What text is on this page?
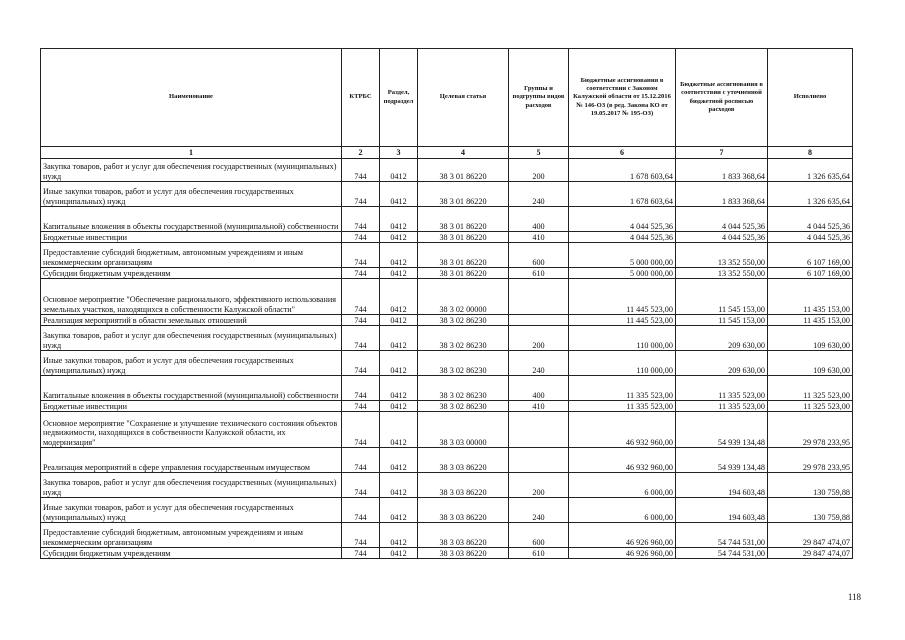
Наименование	КТРБС	Раздел, подраздел	Целевая статья	Группы и подгруппы видов расходов	Бюджетные ассигнования в соответствии с Законом Калужской области от 15.12.2016 № 146-ОЗ (в ред. Закона КО от 19.05.2017 № 195-ОЗ)	Бюджетные ассигнования в соответствии с уточненной бюджетной росписью расходов	Исполнено
1	2	3	4	5	6	7	8
Закупка товаров, работ и услуг для обеспечения государственных (муниципальных) нужд	744	0412	38 3 01 86220	200	1 678 603,64	1 833 368,64	1 326 635,64
Иные закупки товаров, работ и услуг для обеспечения государственных (муниципальных) нужд	744	0412	38 3 01 86220	240	1 678 603,64	1 833 368,64	1 326 635,64
Капитальные вложения в объекты государственной (муниципальной) собственности	744	0412	38 3 01 86220	400	4 044 525,36	4 044 525,36	4 044 525,36
Бюджетные инвестиции	744	0412	38 3 01 86220	410	4 044 525,36	4 044 525,36	4 044 525,36
Предоставление субсидий бюджетным, автономным учреждениям и иным некоммерческим организациям	744	0412	38 3 01 86220	600	5 000 000,00	13 352 550,00	6 107 169,00
Субсидии бюджетным учреждениям	744	0412	38 3 01 86220	610	5 000 000,00	13 352 550,00	6 107 169,00
Основное мероприятие "Обеспечение рационального, эффективного использования земельных участков, находящихся в собственности Калужской области"	744	0412	38 3 02 00000		11 445 523,00	11 545 153,00	11 435 153,00
Реализация мероприятий в области земельных отношений	744	0412	38 3 02 86230		11 445 523,00	11 545 153,00	11 435 153,00
Закупка товаров, работ и услуг для обеспечения государственных (муниципальных) нужд	744	0412	38 3 02 86230	200	110 000,00	209 630,00	109 630,00
Иные закупки товаров, работ и услуг для обеспечения государственных (муниципальных) нужд	744	0412	38 3 02 86230	240	110 000,00	209 630,00	109 630,00
Капитальные вложения в объекты государственной (муниципальной) собственности	744	0412	38 3 02 86230	400	11 335 523,00	11 335 523,00	11 325 523,00
Бюджетные инвестиции	744	0412	38 3 02 86230	410	11 335 523,00	11 335 523,00	11 325 523,00
Основное мероприятие "Сохранение и улучшение технического состояния объектов недвижимости, находящихся в собственности Калужской области, их модернизация"	744	0412	38 3 03 00000		46 932 960,00	54 939 134,48	29 978 233,95
Реализация мероприятий в сфере управления государственным имуществом	744	0412	38 3 03 86220		46 932 960,00	54 939 134,48	29 978 233,95
Закупка товаров, работ и услуг для обеспечения государственных (муниципальных) нужд	744	0412	38 3 03 86220	200	6 000,00	194 603,48	130 759,88
Иные закупки товаров, работ и услуг для обеспечения государственных (муниципальных) нужд	744	0412	38 3 03 86220	240	6 000,00	194 603,48	130 759,88
Предоставление субсидий бюджетным, автономным учреждениям и иным некоммерческим организациям	744	0412	38 3 03 86220	600	46 926 960,00	54 744 531,00	29 847 474,07
Субсидии бюджетным учреждениям	744	0412	38 3 03 86220	610	46 926 960,00	54 744 531,00	29 847 474,07
118
